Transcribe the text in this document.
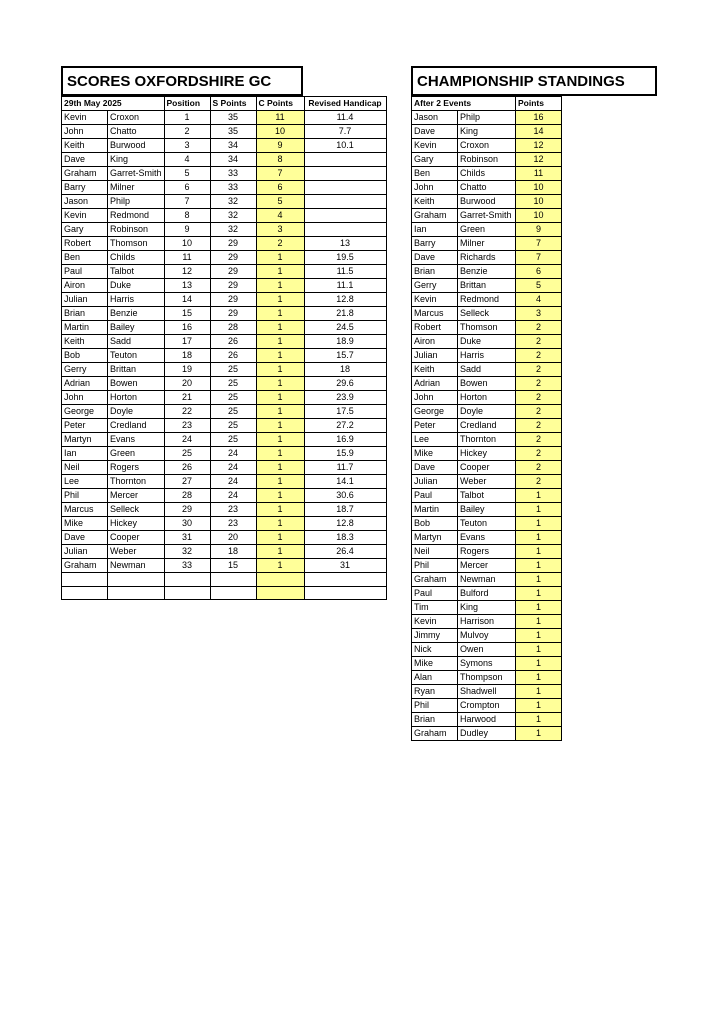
SCORES OXFORDSHIRE GC	CHAMPIONSHIP STANDINGS
29th May 2025		Position	S Points	C Points	Revised Handicap
Kevin	Croxon	1	35	11	11.4
John	Chatto	2	35	10	7.7
Keith	Burwood	3	34	9	10.1
Dave	King	4	34	8	
Graham	Garret-Smith	5	33	7	
Barry	Milner	6	33	6	
Jason	Philp	7	32	5	
Kevin	Redmond	8	32	4	
Gary	Robinson	9	32	3	
Robert	Thomson	10	29	2	13
Ben	Childs	11	29	1	19.5
Paul	Talbot	12	29	1	11.5
Airon	Duke	13	29	1	11.1
Julian	Harris	14	29	1	12.8
Brian	Benzie	15	29	1	21.8
Martin	Bailey	16	28	1	24.5
Keith	Sadd	17	26	1	18.9
Bob	Teuton	18	26	1	15.7
Gerry	Brittan	19	25	1	18
Adrian	Bowen	20	25	1	29.6
John	Horton	21	25	1	23.9
George	Doyle	22	25	1	17.5
Peter	Credland	23	25	1	27.2
Martyn	Evans	24	25	1	16.9
Ian	Green	25	24	1	15.9
Neil	Rogers	26	24	1	11.7
Lee	Thornton	27	24	1	14.1
Phil	Mercer	28	24	1	30.6
Marcus	Selleck	29	23	1	18.7
Mike	Hickey	30	23	1	12.8
Dave	Cooper	31	20	1	18.3
Julian	Weber	32	18	1	26.4
Graham	Newman	33	15	1	31

After 2 Events		Points
Jason	Philp	16
Dave	King	14
Kevin	Croxon	12
Gary	Robinson	12
Ben	Childs	11
John	Chatto	10
Keith	Burwood	10
Graham	Garret-Smith	10
Ian	Green	9
Barry	Milner	7
Dave	Richards	7
Brian	Benzie	6
Gerry	Brittan	5
Kevin	Redmond	4
Marcus	Selleck	3
Robert	Thomson	2
Airon	Duke	2
Julian	Harris	2
Keith	Sadd	2
Adrian	Bowen	2
John	Horton	2
George	Doyle	2
Peter	Credland	2
Lee	Thornton	2
Mike	Hickey	2
Dave	Cooper	2
Julian	Weber	2
Paul	Talbot	1
Martin	Bailey	1
Bob	Teuton	1
Martyn	Evans	1
Neil	Rogers	1
Phil	Mercer	1
Graham	Newman	1
Paul	Bulford	1
Tim	King	1
Kevin	Harrison	1
Jimmy	Mulvoy	1
Nick	Owen	1
Mike	Symons	1
Alan	Thompson	1
Ryan	Shadwell	1
Phil	Crompton	1
Brian	Harwood	1
Graham	Dudley	1
